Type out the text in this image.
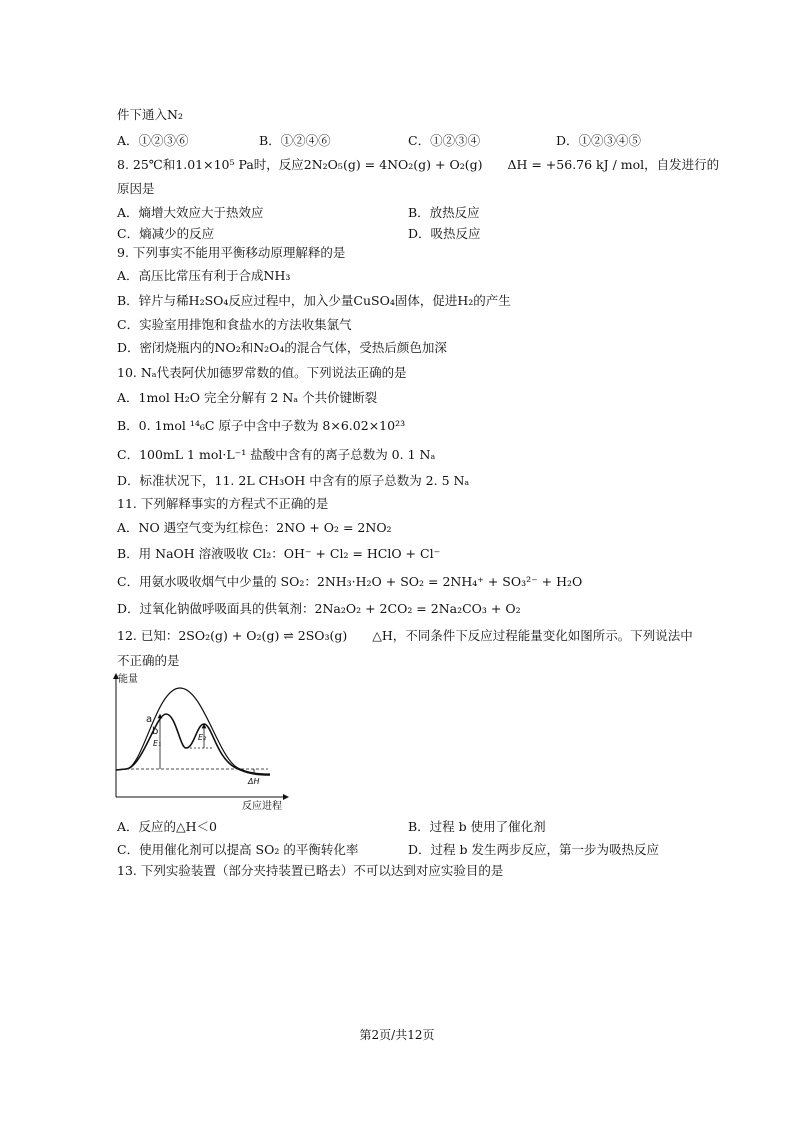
件下通入N₂
A．①②③⑥	B．①②④⑥	C．①②③④	D．①②③④⑤
8. 25℃和1.01×10⁵ Pa时，反应2N₂O₅(g) = 4NO₂(g) + O₂(g)　　ΔH = +56.76 kJ / mol，自发进行的
原因是
A．熵增大效应大于热效应	B．放热反应
C．熵减少的反应	D．吸热反应
9. 下列事实不能用平衡移动原理解释的是
A．高压比常压有利于合成NH₃
B．锌片与稀H₂SO₄反应过程中，加入少量CuSO₄固体，促进H₂的产生
C．实验室用排饱和食盐水的方法收集氯气
D．密闭烧瓶内的NO₂和N₂O₄的混合气体，受热后颜色加深
10. Nₐ代表阿伏加德罗常数的值。下列说法正确的是
A．1mol H₂O 完全分解有 2 Nₐ 个共价键断裂
B．0. 1mol ¹⁴₆C 原子中含中子数为 8×6.02×10²³
C．100mL 1 mol·L⁻¹ 盐酸中含有的离子总数为 0. 1 Nₐ
D．标准状况下，11. 2L CH₃OH 中含有的原子总数为 2. 5 Nₐ
11. 下列解释事实的方程式不正确的是
A．NO 遇空气变为红棕色：2NO + O₂ = 2NO₂
B．用 NaOH 溶液吸收 Cl₂：OH⁻ + Cl₂ = HClO + Cl⁻
C．用氨水吸收烟气中少量的 SO₂：2NH₃·H₂O + SO₂ = 2NH₄⁺ + SO₃²⁻ + H₂O
D．过氧化钠做呼吸面具的供氧剂：2Na₂O₂ + 2CO₂ = 2Na₂CO₃ + O₂
12. 已知：2SO₂(g) + O₂(g) ⇌ 2SO₃(g)　　△H，不同条件下反应过程能量变化如图所示。下列说法中
不正确的是
能量
反应进程
a
b
E₁
E₂
ΔH
A．反应的△H＜0	B．过程 b 使用了催化剂
C．使用催化剂可以提高 SO₂ 的平衡转化率	D．过程 b 发生两步反应，第一步为吸热反应
13. 下列实验装置（部分夹持装置已略去）不可以达到对应实验目的是
第2页/共12页
